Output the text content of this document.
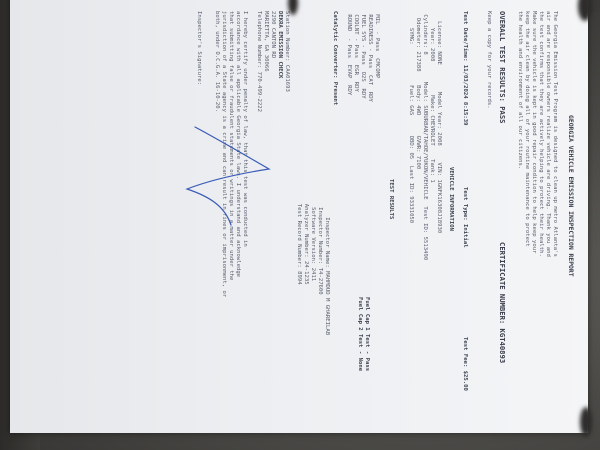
GEORGIA VEHICLE EMISSION INSPECTION REPORT
The Georgia Emission Test Program is designed to clean up metro Atlanta's
air and are responsible owners realize vehicle are driving. Thank you and
the test confirms that they are actively helping to protect their health.
Make sure the vehicle is kept in good repair condition to help keep your
keep the air clean by doing all of your routine maintenance to protect
the health and environment of all our citizens.
OVERALL TEST RESULTS: PASS
CERTIFICATE NUMBER: KGT40893
Keep a copy for your records.
Test Date/Time: 11/03/2024 8:15:39
Test Type: Initial
Test Fee: $25.00
VEHICLE INFORMATION
License: NONE        Model Year: 2008     VIN: 1GNFK16308J18930
Year: 2008          Make: CHEVROLET    Tank: 1
Cylinders: 8        Model: SUBURBAN/TAHOE/YUKON/VEHICLE  Test ID: 5513490
Odometer: 217388    Body: 4WD      GVWR: 7100
SYMG:            Fuel: GAS      OBD: 05  Last ID: 93331050
TEST RESULTS
MIL  - Pass  CMCOMP
READINESS - Pass  CAT  RDY
FUEL SYS - Pass  O2S  RDY
COOLNT - Pass  EGR  RDY
ROUND  - Pass  EVAP  RDY
Catalytic Converter: Present
Fuel Cap 1 Test - Pass
Fuel Cap 2 Test - None
Inspector Name: MAHMOUD M GHAREILAB
Inspector Number: T4-27600
Software Version: 2411
Analyzer Number: 24-1235
Test Record Number: 8994
Station Number: CAA01693
DEKRA EMISSION CHECK
2290 CANTON RD
MARIETTA, GA 30066
Telephone Number: 770-499-2222
I hereby certify under penalty of law, that this test was conducted in
accordance with all applicable Georgia State laws. I understand and acknowledge
that submitting false or fraudulent statements or writings in a matter under the
jurisdiction of a State agency is a crime and can result in fines or imprisonment, or
both, under O.C.G.A. 16-10-20.
Inspector's Signature:
